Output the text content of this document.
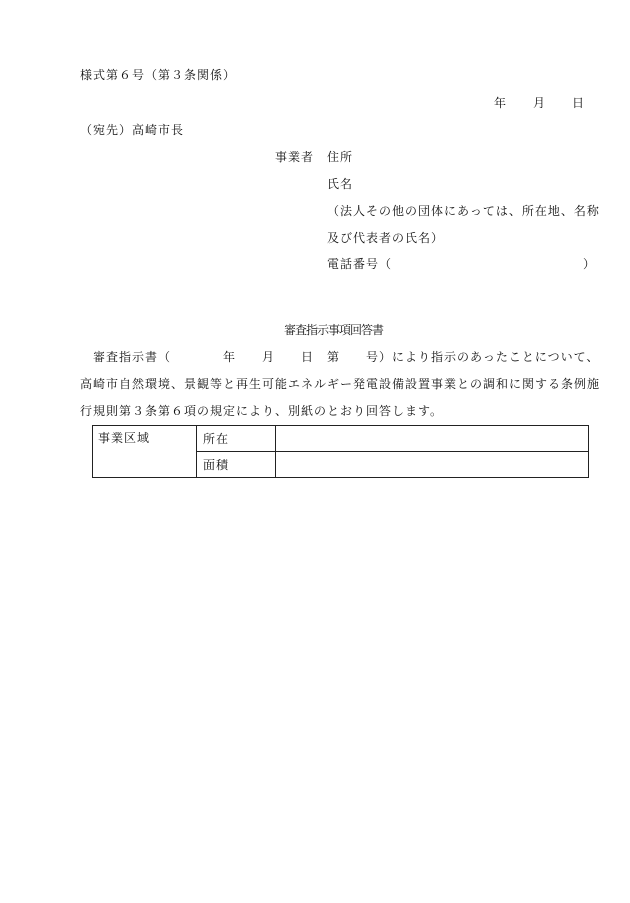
様式第６号（第３条関係）
年　　月　　日
（宛先）高崎市長
事業者 住所
氏名
（法人その他の団体にあっては、所在地、名称
及び代表者の氏名）
電話番号（	）
審査指示事項回答書
審査指示書（　　　　年　　月　　日　第　　号）により指示のあったことについて、
高崎市自然環境、景観等と再生可能エネルギー発電設備設置事業との調和に関する条例施
行規則第３条第６項の規定により、別紙のとおり回答します。
事業区域	所在	
	面積	
